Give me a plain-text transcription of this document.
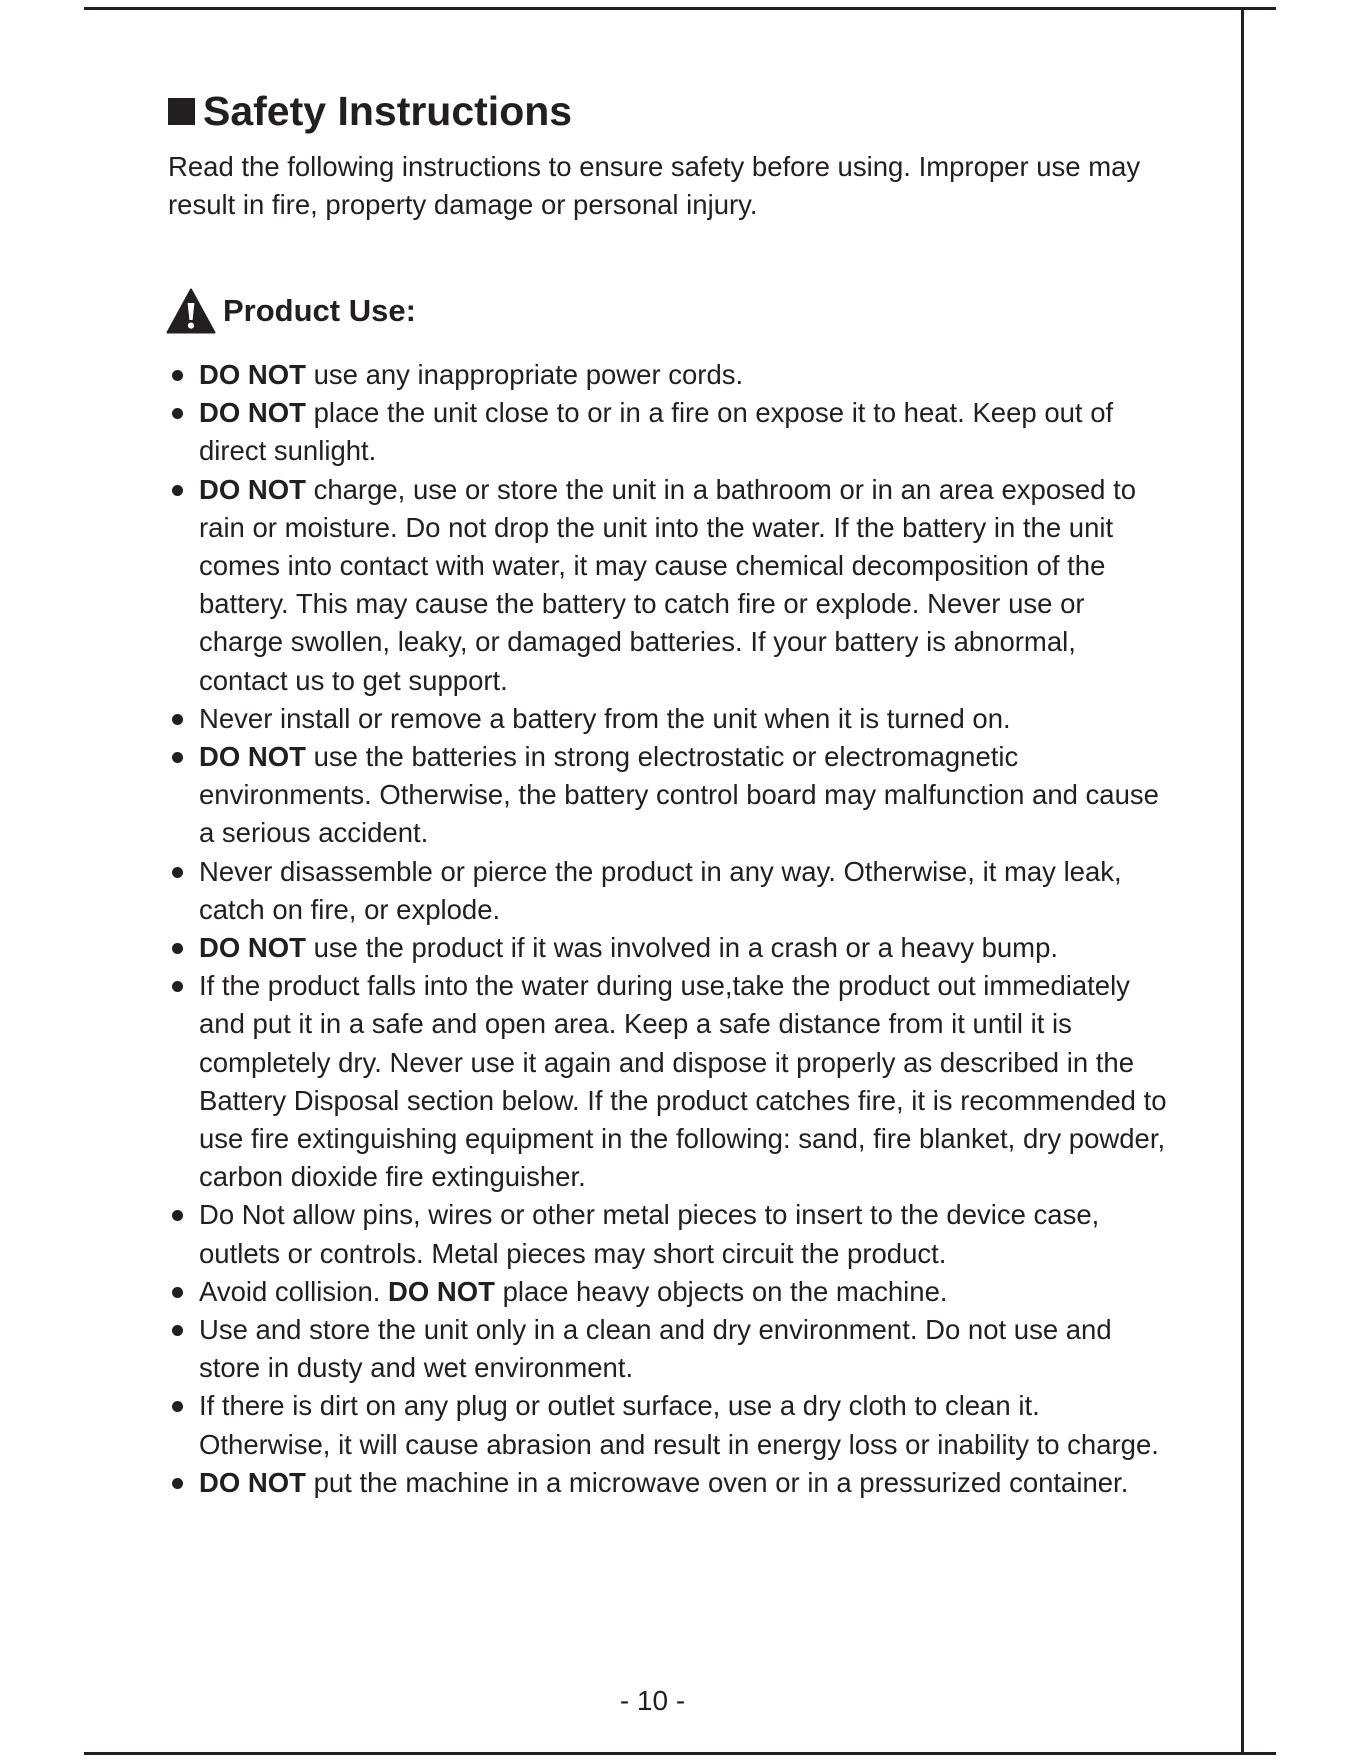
Safety Instructions

Read the following instructions to ensure safety before using. Improper use may result in fire, property damage or personal injury.

Product Use:
DO NOT use any inappropriate power cords.
DO NOT place the unit close to or in a fire on expose it to heat. Keep out of direct sunlight.
DO NOT charge, use or store the unit in a bathroom or in an area exposed to rain or moisture. Do not drop the unit into the water. If the battery in the unit comes into contact with water, it may cause chemical decomposition of the battery. This may cause the battery to catch fire or explode. Never use or charge swollen, leaky, or damaged batteries. If your battery is abnormal, contact us to get support.
Never install or remove a battery from the unit when it is turned on.
DO NOT use the batteries in strong electrostatic or electromagnetic environments. Otherwise, the battery control board may malfunction and cause a serious accident.
Never disassemble or pierce the product in any way. Otherwise, it may leak, catch on fire, or explode.
DO NOT use the product if it was involved in a crash or a heavy bump.
If the product falls into the water during use,take the product out immediately and put it in a safe and open area. Keep a safe distance from it until it is completely dry. Never use it again and dispose it properly as described in the Battery Disposal section below. If the product catches fire, it is recommended to use fire extinguishing equipment in the following: sand, fire blanket, dry powder, carbon dioxide fire extinguisher.
Do Not allow pins, wires or other metal pieces to insert to the device case, outlets or controls. Metal pieces may short circuit the product.
Avoid collision. DO NOT place heavy objects on the machine.
Use and store the unit only in a clean and dry environment. Do not use and store in dusty and wet environment.
If there is dirt on any plug or outlet surface, use a dry cloth to clean it. Otherwise, it will cause abrasion and result in energy loss or inability to charge.
DO NOT put the machine in a microwave oven or in a pressurized container.
- 10 -
